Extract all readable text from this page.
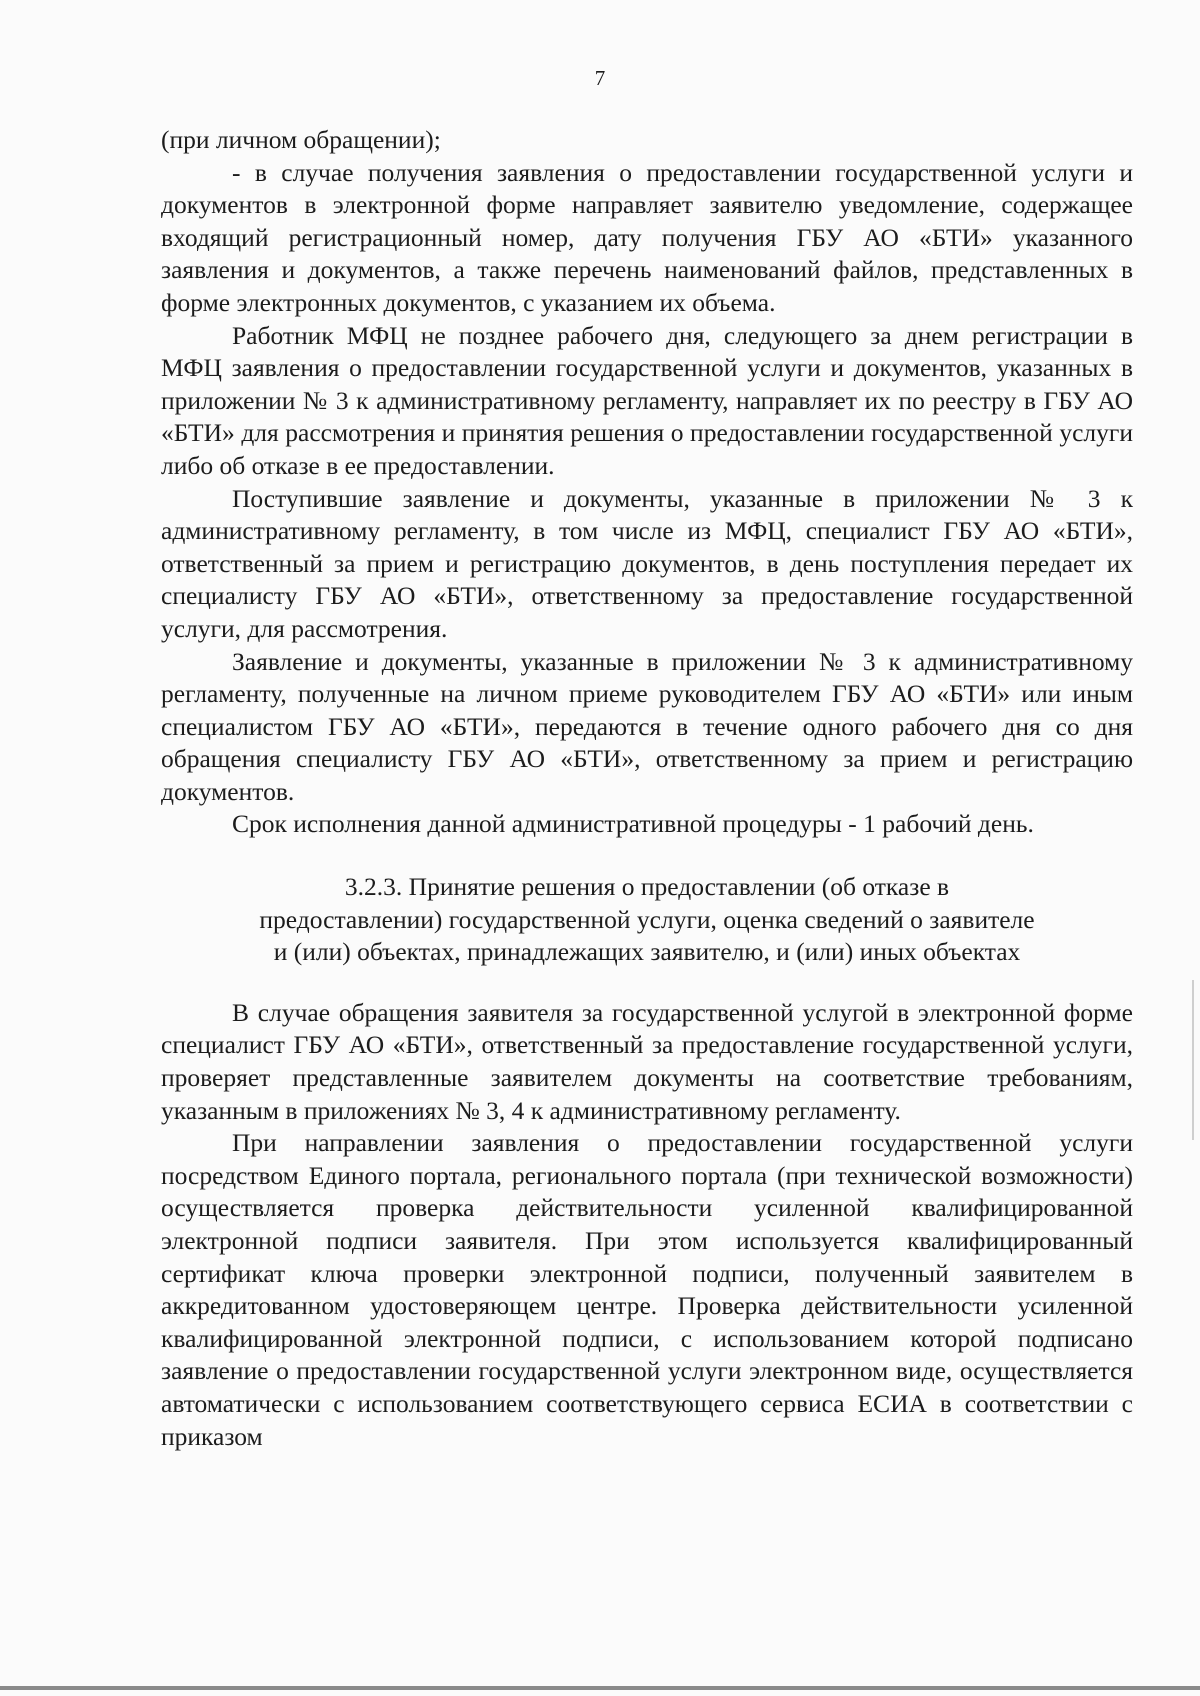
7

(при личном обращении);

- в случае получения заявления о предоставлении государственной услуги и документов в электронной форме направляет заявителю уведомление, содержащее входящий регистрационный номер, дату получения ГБУ АО «БТИ» указанного заявления и документов, а также перечень наименований файлов, представленных в форме электронных документов, с указанием их объема.

Работник МФЦ не позднее рабочего дня, следующего за днем регистрации в МФЦ заявления о предоставлении государственной услуги и документов, указанных в приложении № 3 к административному регламенту, направляет их по реестру в ГБУ АО «БТИ» для рассмотрения и принятия решения о предоставлении государственной услуги либо об отказе в ее предоставлении.

Поступившие заявление и документы, указанные в приложении № 3 к административному регламенту, в том числе из МФЦ, специалист ГБУ АО «БТИ», ответственный за прием и регистрацию документов, в день поступления передает их специалисту ГБУ АО «БТИ», ответственному за предоставление государственной услуги, для рассмотрения.

Заявление и документы, указанные в приложении № 3 к административному регламенту, полученные на личном приеме руководителем ГБУ АО «БТИ» или иным специалистом ГБУ АО «БТИ», передаются в течение одного рабочего дня со дня обращения специалисту ГБУ АО «БТИ», ответственному за прием и регистрацию документов.

Срок исполнения данной административной процедуры - 1 рабочий день.

3.2.3. Принятие решения о предоставлении (об отказе в предоставлении) государственной услуги, оценка сведений о заявителе и (или) объектах, принадлежащих заявителю, и (или) иных объектах

В случае обращения заявителя за государственной услугой в электронной форме специалист ГБУ АО «БТИ», ответственный за предоставление государственной услуги, проверяет представленные заявителем документы на соответствие требованиям, указанным в приложениях № 3, 4 к административному регламенту.

При направлении заявления о предоставлении государственной услуги посредством Единого портала, регионального портала (при технической возможности) осуществляется проверка действительности усиленной квалифицированной электронной подписи заявителя. При этом используется квалифицированный сертификат ключа проверки электронной подписи, полученный заявителем в аккредитованном удостоверяющем центре. Проверка действительности усиленной квалифицированной электронной подписи, с использованием которой подписано заявление о предоставлении государственной услуги электронном виде, осуществляется автоматически с использованием соответствующего сервиса ЕСИА в соответствии с приказом
